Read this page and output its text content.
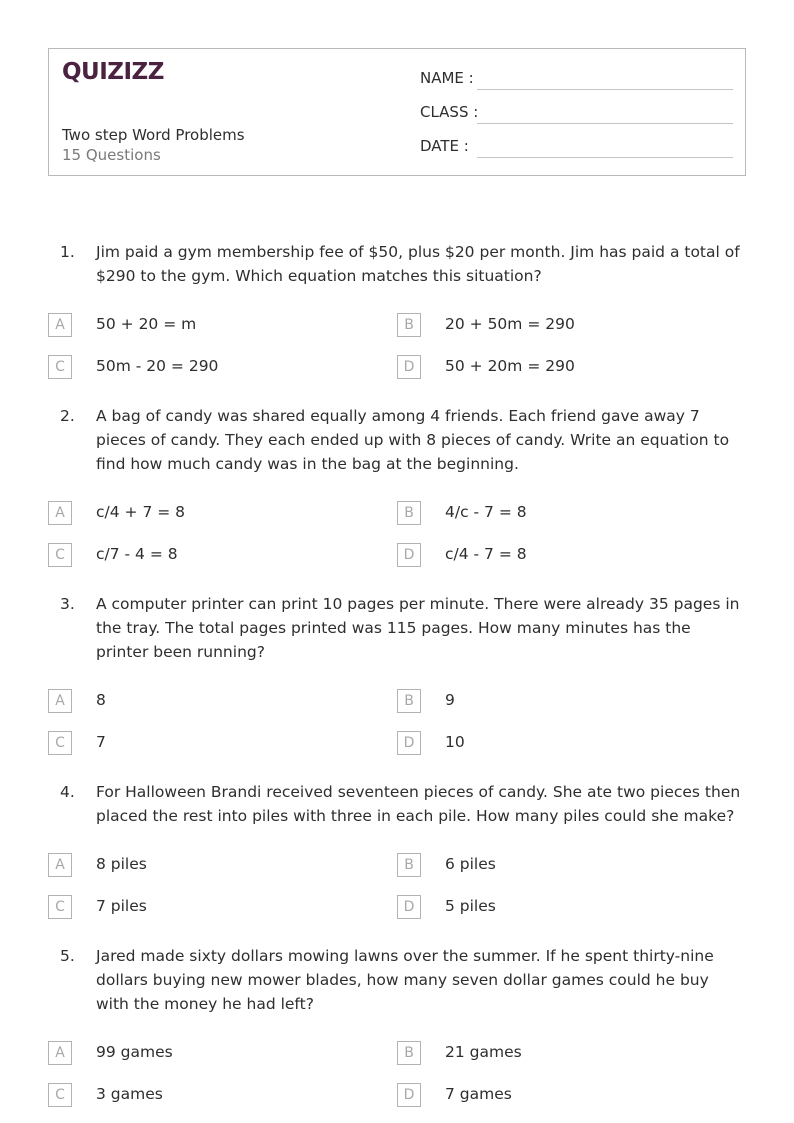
QUIZIZZ
Two step Word Problems
15 Questions
NAME :
CLASS :
DATE :
1.	Jim paid a gym membership fee of $50, plus $20 per month. Jim has paid a total of $290 to the gym. Which equation matches this situation?
A	50 + 20 = m	B	20 + 50m = 290
C	50m - 20 = 290	D	50 + 20m = 290
2.	A bag of candy was shared equally among 4 friends. Each friend gave away 7 pieces of candy. They each ended up with 8 pieces of candy. Write an equation to find how much candy was in the bag at the beginning.
A	c/4 + 7 = 8	B	4/c - 7 = 8
C	c/7 - 4 = 8	D	c/4 - 7 = 8
3.	A computer printer can print 10 pages per minute. There were already 35 pages in the tray. The total pages printed was 115 pages. How many minutes has the printer been running?
A	8	B	9
C	7	D	10
4.	For Halloween Brandi received seventeen pieces of candy. She ate two pieces then placed the rest into piles with three in each pile. How many piles could she make?
A	8 piles	B	6 piles
C	7 piles	D	5 piles
5.	Jared made sixty dollars mowing lawns over the summer. If he spent thirty-nine dollars buying new mower blades, how many seven dollar games could he buy with the money he had left?
A	99 games	B	21 games
C	3 games	D	7 games
